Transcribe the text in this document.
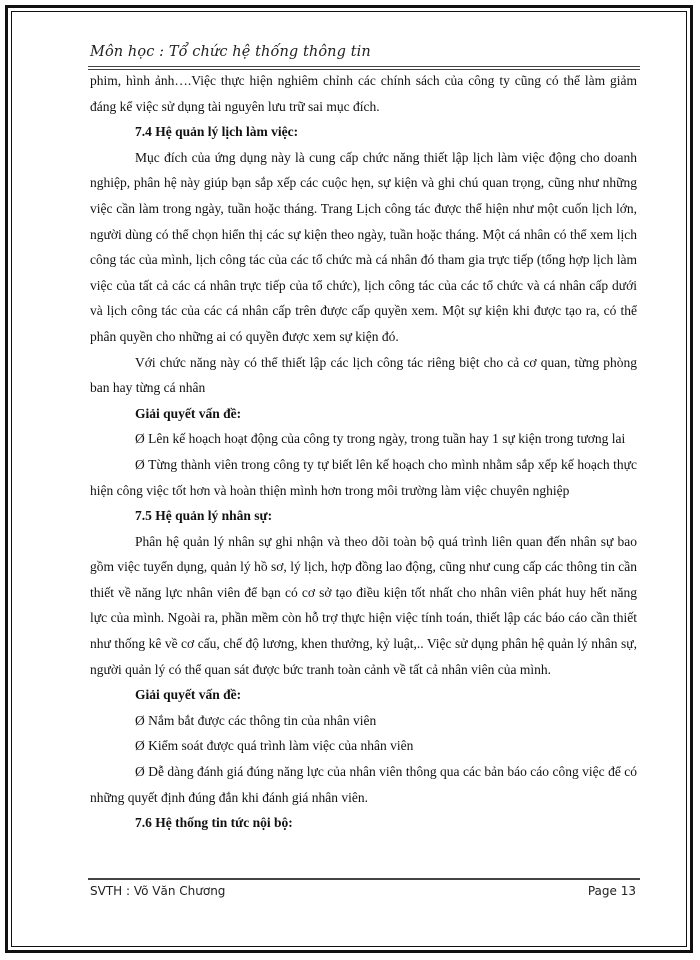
Môn học : Tổ chức hệ thống thông tin

phim, hình ảnh….Việc thực hiện nghiêm chỉnh các chính sách của công ty cũng có thể làm giảm đáng kể việc sử dụng tài nguyên lưu trữ sai mục đích.

7.4 Hệ quản lý lịch làm việc:

Mục đích của ứng dụng này là cung cấp chức năng thiết lập lịch làm việc động cho doanh nghiệp, phân hệ này giúp bạn sắp xếp các cuộc hẹn, sự kiện và ghi chú quan trọng, cũng như những việc cần làm trong ngày, tuần hoặc tháng. Trang Lịch công tác được thể hiện như một cuốn lịch lớn, người dùng có thể chọn hiển thị các sự kiện theo ngày, tuần hoặc tháng. Một cá nhân có thể xem lịch công tác của mình, lịch công tác của các tổ chức mà cá nhân đó tham gia trực tiếp (tổng hợp lịch làm việc của tất cả các cá nhân trực tiếp của tổ chức), lịch công tác của các tổ chức và cá nhân cấp dưới và lịch công tác của các cá nhân cấp trên được cấp quyền xem. Một sự kiện khi được tạo ra, có thể phân quyền cho những ai có quyền được xem sự kiện đó.

Với chức năng này có thể thiết lập các lịch công tác riêng biệt cho cả cơ quan, từng phòng ban hay từng cá nhân

Giải quyết vấn đề:

Ø Lên kế hoạch hoạt động của công ty trong ngày, trong tuần hay 1 sự kiện trong tương lai

Ø Từng thành viên trong công ty tự biết lên kế hoạch cho mình nhằm sắp xếp kế hoạch thực hiện công việc tốt hơn và hoàn thiện mình hơn trong môi trường làm việc chuyên nghiệp

7.5 Hệ quản lý nhân sự:

Phân hệ quản lý nhân sự ghi nhận và theo dõi toàn bộ quá trình liên quan đến nhân sự bao gồm việc tuyển dụng, quản lý hồ sơ, lý lịch, hợp đồng lao động, cũng như cung cấp các thông tin cần thiết về năng lực nhân viên để bạn có cơ sở tạo điều kiện tốt nhất cho nhân viên phát huy hết năng lực của mình. Ngoài ra, phần mềm còn hỗ trợ thực hiện việc tính toán, thiết lập các báo cáo cần thiết như thống kê về cơ cấu, chế độ lương, khen thưởng, kỷ luật,.. Việc sử dụng phân hệ quản lý nhân sự, người quản lý có thể quan sát được bức tranh toàn cảnh về tất cả nhân viên của mình.

Giải quyết vấn đề:

Ø Nắm bắt được các thông tin của nhân viên

Ø Kiểm soát được quá trình làm việc của nhân viên

Ø Dễ dàng đánh giá đúng năng lực của nhân viên thông qua các bản báo cáo công việc để có những quyết định đúng đắn khi đánh giá nhân viên.

7.6 Hệ thống tin tức nội bộ:

SVTH : Võ Văn Chương	Page 13
